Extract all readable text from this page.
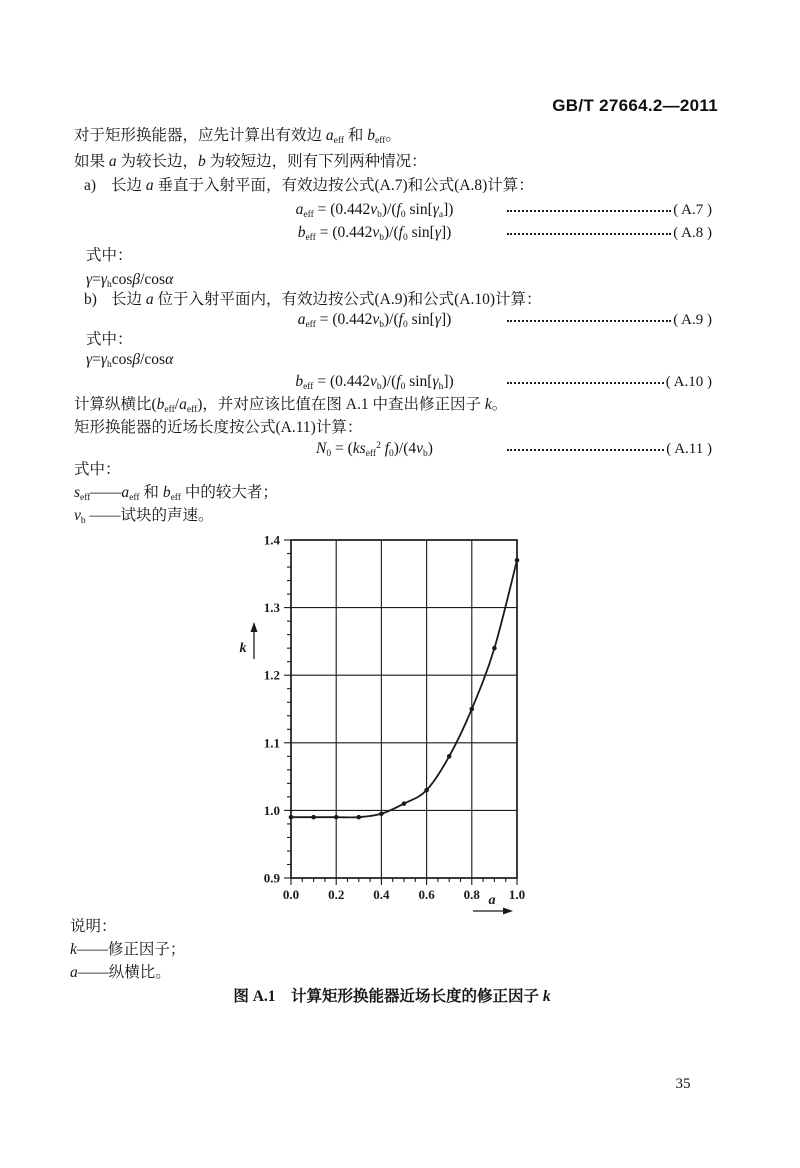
GB/T 27664.2—2011
对于矩形换能器，应先计算出有效边 $a_{eff}$ 和 $b_{eff}$。
如果 a 为较长边，b 为较短边，则有下列两种情况：
a) 长边 a 垂直于入射平面，有效边按公式(A.7)和公式(A.8)计算：
$a_{eff} = (0.442v_b)/(f_0$ $\sin[\gamma_a]$)	( A.7 )
$b_{eff} = (0.442v_b)/(f_0$ sin[γ])	( A.8 )
式中：
$\gamma=\gamma_h\cos\beta$/cosα
b) 长边 a 位于入射平面内，有效边按公式(A.9)和公式(A.10)计算：
$a_{eff} = (0.442v_b)/(f_0$ sin[γ])	( A.9 )
式中：
$\gamma=\gamma_h\cos\beta$/cosα
$b_{eff} = (0.442v_b)/(f_0$ $\sin[\gamma_h]$)	( A.10 )
计算纵横比$(b_{eff}/a_{eff})$，并对应该比值在图 A.1 中查出修正因子 k。
矩形换能器的近场长度按公式(A.11)计算：
$N_0 = (ks_{eff}^2$ $f_0)/(4v_b)$	( A.11 )
式中：
$s_{eff}——a_{eff}$ 和 $b_{eff}$ 中的较大者；
$v_b$ ——试块的声速。
0.0 0.2 0.4 0.6 0.8 1.0
0.9
1.0
1.1
1.2
1.3
1.4
k
a
说明：
k——修正因子；
a——纵横比。
图 A.1　计算矩形换能器近场长度的修正因子 k
35
